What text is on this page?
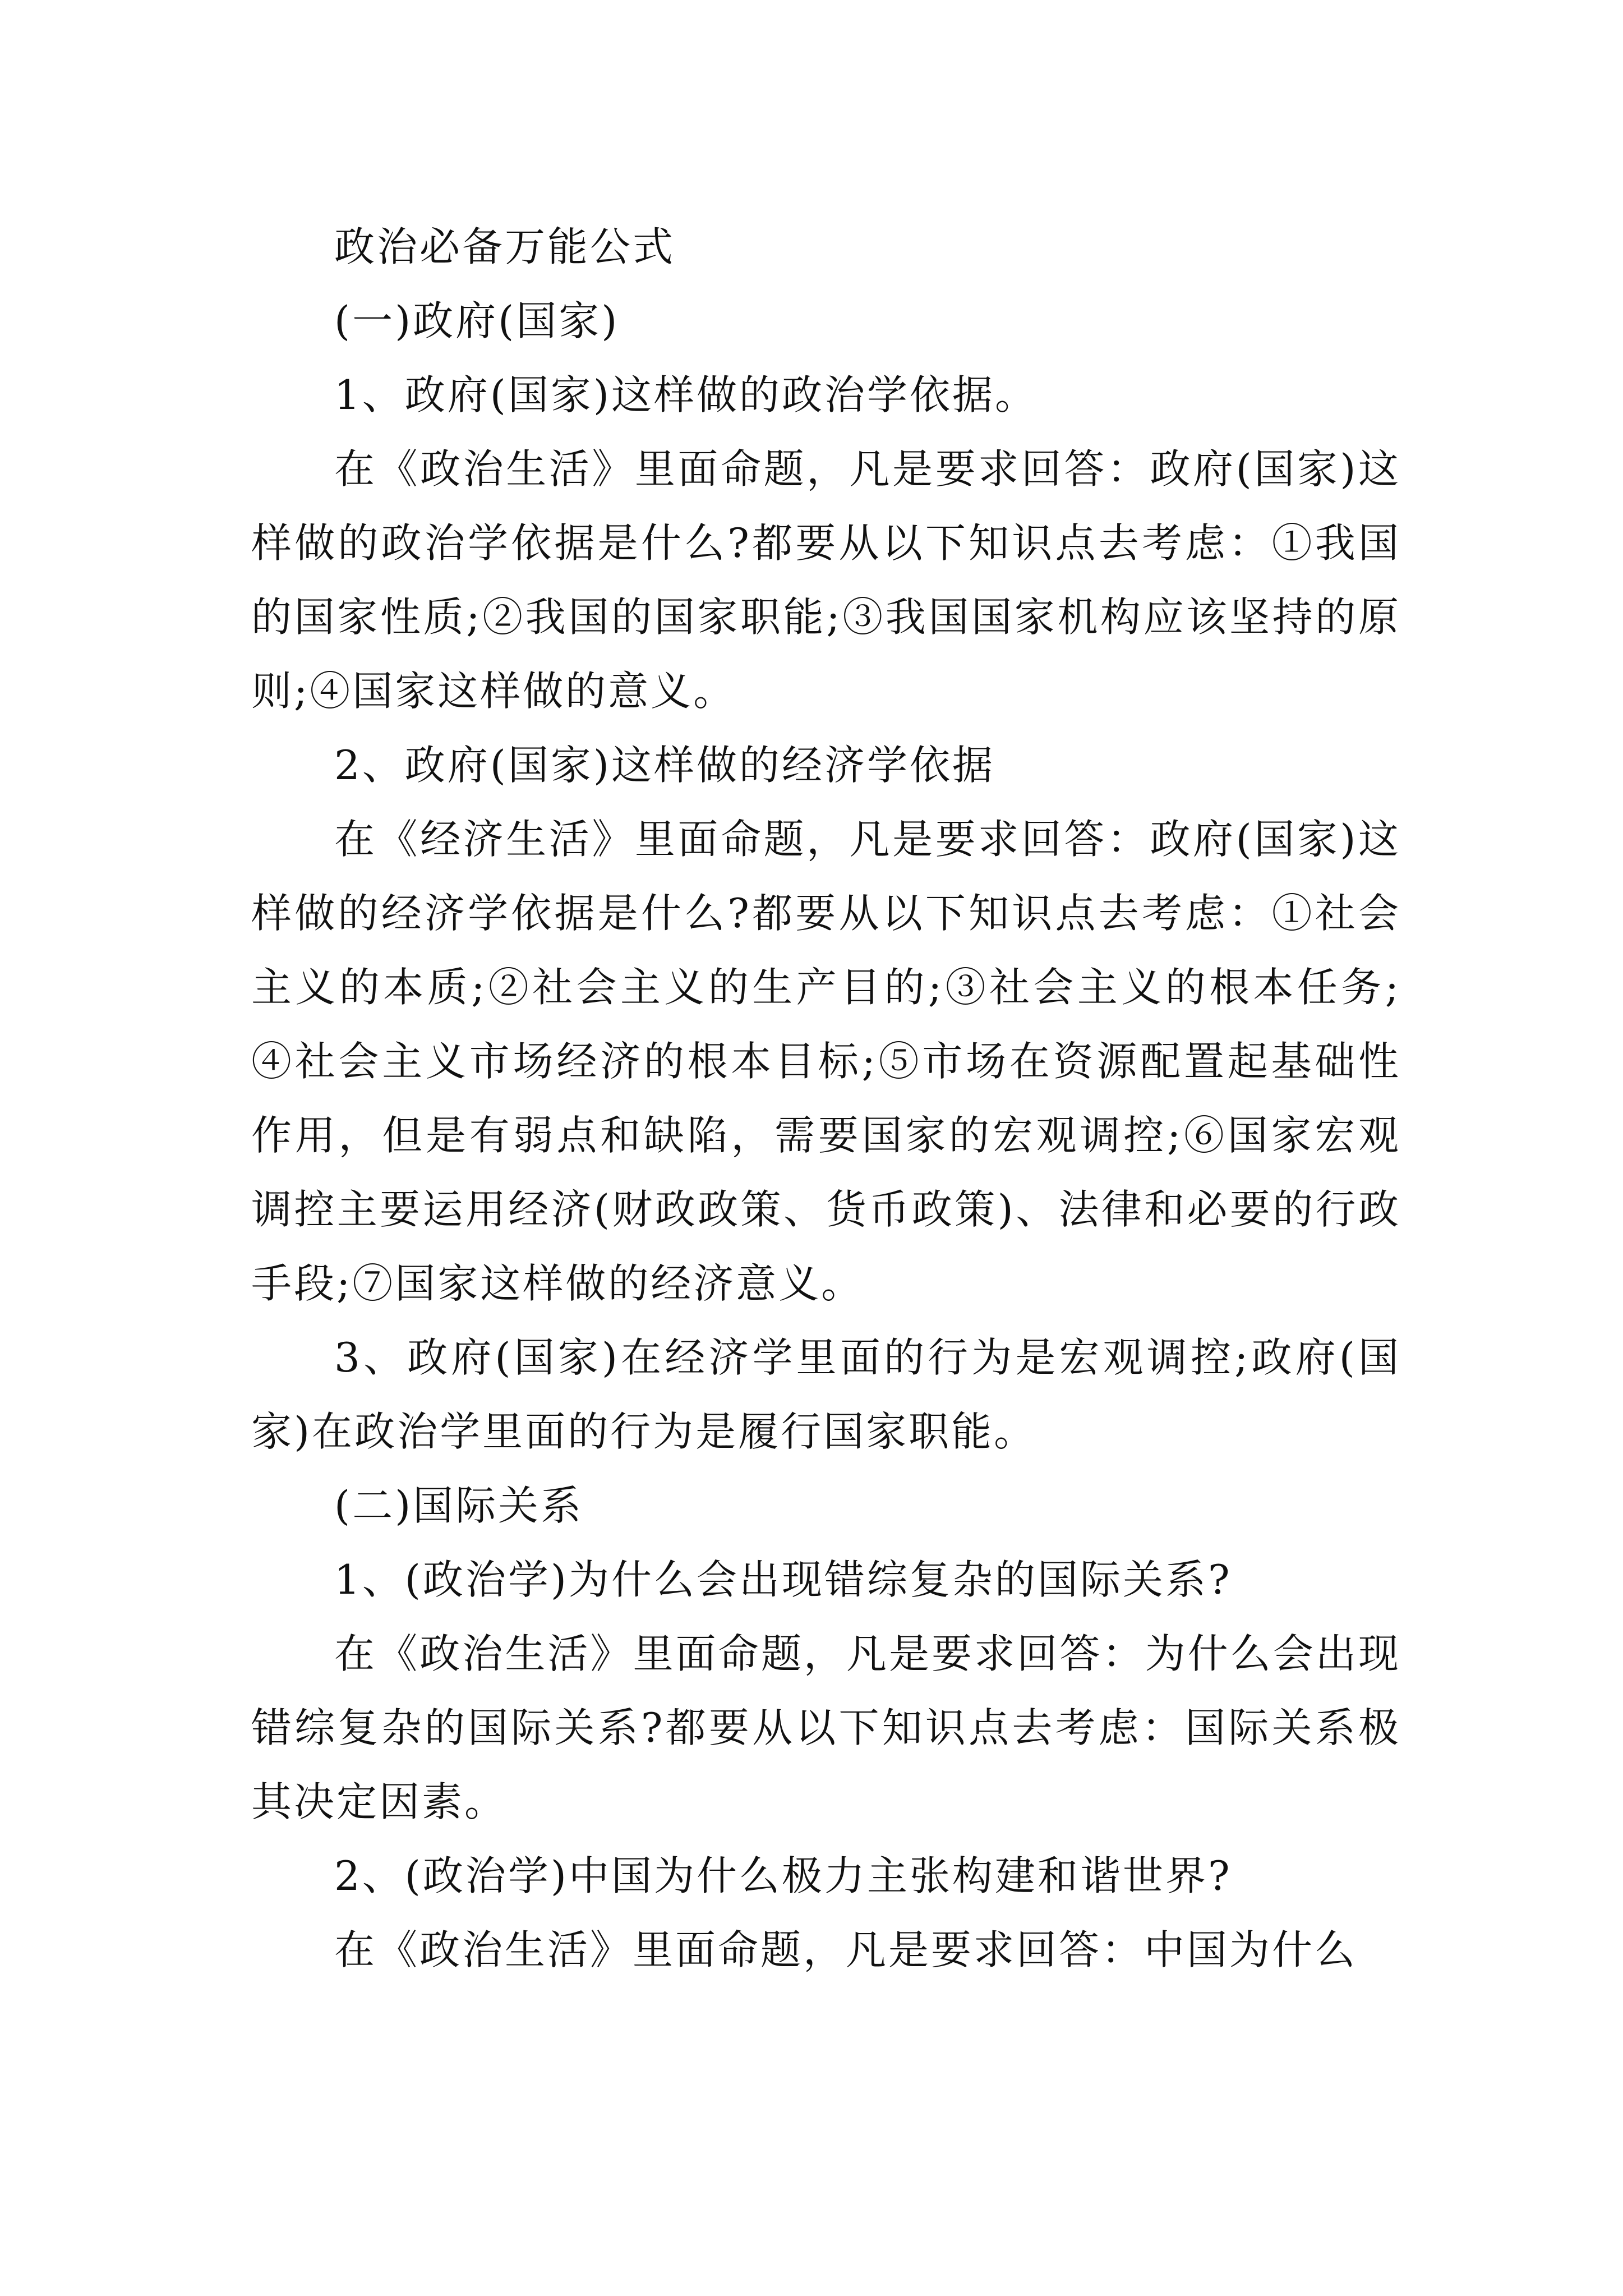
政治必备万能公式

(一)政府(国家)

1、政府(国家)这样做的政治学依据。

在《政治生活》里面命题，凡是要求回答：政府(国家)这样做的政治学依据是什么?都要从以下知识点去考虑：①我国的国家性质;②我国的国家职能;③我国国家机构应该坚持的原则;④国家这样做的意义。

2、政府(国家)这样做的经济学依据

在《经济生活》里面命题，凡是要求回答：政府(国家)这样做的经济学依据是什么?都要从以下知识点去考虑：①社会主义的本质;②社会主义的生产目的;③社会主义的根本任务;④社会主义市场经济的根本目标;⑤市场在资源配置起基础性作用，但是有弱点和缺陷，需要国家的宏观调控;⑥国家宏观调控主要运用经济(财政政策、货币政策)、法律和必要的行政手段;⑦国家这样做的经济意义。

3、政府(国家)在经济学里面的行为是宏观调控;政府(国家)在政治学里面的行为是履行国家职能。

(二)国际关系

1、(政治学)为什么会出现错综复杂的国际关系?

在《政治生活》里面命题，凡是要求回答：为什么会出现错综复杂的国际关系?都要从以下知识点去考虑：国际关系极其决定因素。

2、(政治学)中国为什么极力主张构建和谐世界?

在《政治生活》里面命题，凡是要求回答：中国为什么
